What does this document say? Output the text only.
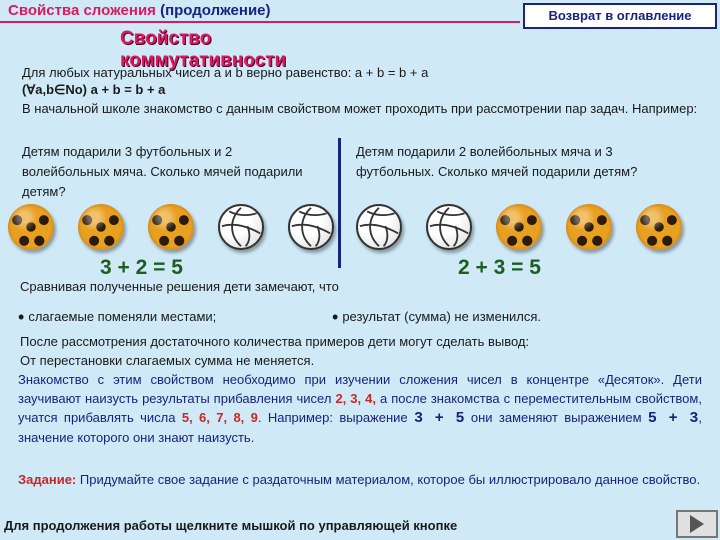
Свойства сложения (продолжение)	Возврат в оглавление
Свойство коммутативности
Для любых натуральных чисел a и b верно равенство: a + b = b + a
(∀a,b∈No) a + b = b + a
В начальной школе знакомство с данным свойством может проходить при рассмотрении пар задач. Например:
Детям подарили 3 футбольных и 2 волейбольных мяча. Сколько мячей подарили детям?
Детям подарили 2 волейбольных мяча и 3 футбольных. Сколько мячей подарили детям?
3 + 2 = 5	2 + 3 = 5
Сравнивая полученные решения дети замечают, что
• слагаемые поменяли местами;
•	результат (сумма) не изменился.
После рассмотрения достаточного количества примеров дети могут сделать вывод:
От перестановки слагаемых сумма не меняется.
Знакомство с этим свойством необходимо при изучении сложения чисел в концентре «Десяток». Дети заучивают наизусть результаты прибавления чисел 2, 3, 4, а после знакомства с переместительным свойством, учатся прибавлять числа 5, 6, 7, 8, 9. Например: выражение 3 + 5 они заменяют выражением 5 + 3, значение которого они знают наизусть.
Задание: Придумайте свое задание с раздаточным материалом, которое бы иллюстрировало данное свойство.
Для продолжения работы щелкните мышкой по управляющей кнопке
